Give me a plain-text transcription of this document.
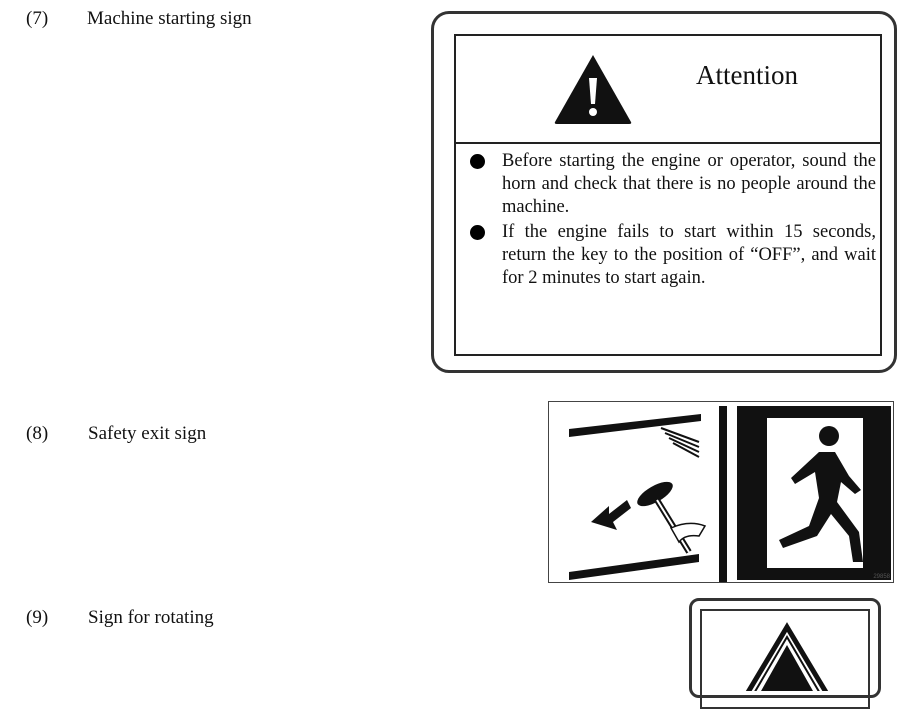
(7) Machine starting sign
(8) Safety exit sign
(9) Sign for rotating
Attention
Before starting the engine or operator, sound the horn and check that there is no people around the machine.
If the engine fails to start within 15 seconds, return the key to the position of “OFF”, and wait for 2 minutes to start again.
29858
